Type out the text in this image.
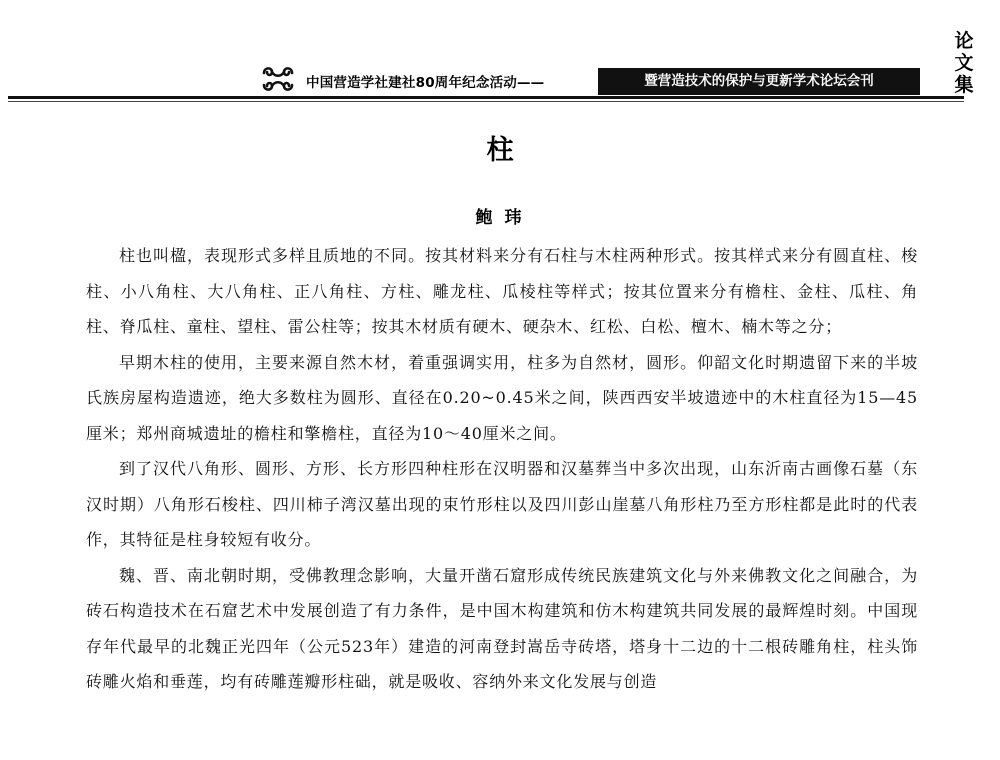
论文集
中国营造学社建社80周年纪念活动——	暨营造技术的保护与更新学术论坛会刊
柱
鲍 玮

柱也叫楹，表现形式多样且质地的不同。按其材料来分有石柱与木柱两种形式。按其样式来分有圆直柱、梭柱、小八角柱、大八角柱、正八角柱、方柱、雕龙柱、瓜棱柱等样式；按其位置来分有檐柱、金柱、瓜柱、角柱、脊瓜柱、童柱、望柱、雷公柱等；按其木材质有硬木、硬杂木、红松、白松、檀木、楠木等之分；

早期木柱的使用，主要来源自然木材，着重强调实用，柱多为自然材，圆形。仰韶文化时期遗留下来的半坡氏族房屋构造遗迹，绝大多数柱为圆形、直径在0.20~0.45米之间，陕西西安半坡遗迹中的木柱直径为15—45厘米；郑州商城遗址的檐柱和擎檐柱，直径为10～40厘米之间。

到了汉代八角形、圆形、方形、长方形四种柱形在汉明器和汉墓葬当中多次出现，山东沂南古画像石墓（东汉时期）八角形石梭柱、四川柿子湾汉墓出现的束竹形柱以及四川彭山崖墓八角形柱乃至方形柱都是此时的代表作，其特征是柱身较短有收分。

魏、晋、南北朝时期，受佛教理念影响，大量开凿石窟形成传统民族建筑文化与外来佛教文化之间融合，为砖石构造技术在石窟艺术中发展创造了有力条件，是中国木构建筑和仿木构建筑共同发展的最辉煌时刻。中国现存年代最早的北魏正光四年（公元523年）建造的河南登封嵩岳寺砖塔，塔身十二边的十二根砖雕角柱，柱头饰砖雕火焰和垂莲，均有砖雕莲瓣形柱础，就是吸收、容纳外来文化发展与创造
